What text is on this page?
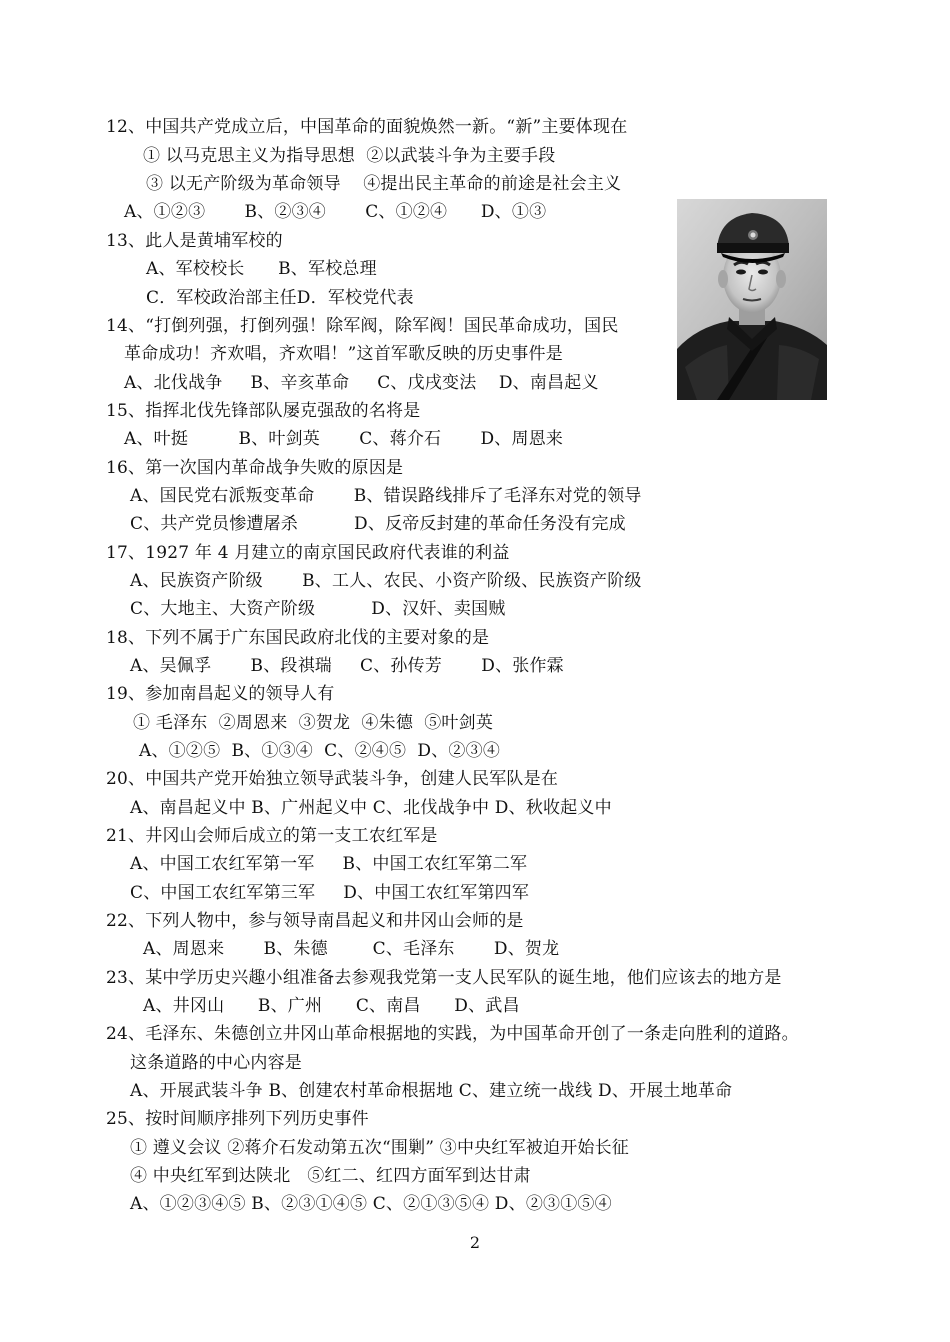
12、中国共产党成立后，中国革命的面貌焕然一新。“新”主要体现在
① 以马克思主义为指导思想  ②以武装斗争为主要手段
③ 以无产阶级为革命领导    ④提出民主革命的前途是社会主义
A、①②③       B、②③④       C、①②④      D、①③
13、此人是黄埔军校的
A、军校校长      B、军校总理
C．军校政治部主任D．军校党代表
14、“打倒列强，打倒列强！除军阀，除军阀！国民革命成功，国民
革命成功！齐欢唱，齐欢唱！”这首军歌反映的历史事件是
A、北伐战争     B、辛亥革命     C、戊戌变法    D、南昌起义
15、指挥北伐先锋部队屡克强敌的名将是
A、叶挺         B、叶剑英       C、蒋介石       D、周恩来
16、第一次国内革命战争失败的原因是
A、国民党右派叛变革命       B、错误路线排斥了毛泽东对党的领导
C、共产党员惨遭屠杀          D、反帝反封建的革命任务没有完成
17、1927 年 4 月建立的南京国民政府代表谁的利益
A、民族资产阶级       B、工人、农民、小资产阶级、民族资产阶级
C、大地主、大资产阶级          D、汉奸、卖国贼
18、下列不属于广东国民政府北伐的主要对象的是
A、吴佩孚       B、段祺瑞     C、孙传芳       D、张作霖
19、参加南昌起义的领导人有
① 毛泽东  ②周恩来  ③贺龙  ④朱德  ⑤叶剑英
A、①②⑤  B、①③④  C、②④⑤  D、②③④
20、中国共产党开始独立领导武装斗争，创建人民军队是在
A、南昌起义中 B、广州起义中 C、北伐战争中 D、秋收起义中
21、井冈山会师后成立的第一支工农红军是
A、中国工农红军第一军     B、中国工农红军第二军
C、中国工农红军第三军     D、中国工农红军第四军
22、下列人物中，参与领导南昌起义和井冈山会师的是
A、周恩来       B、朱德        C、毛泽东       D、贺龙
23、某中学历史兴趣小组准备去参观我党第一支人民军队的诞生地，他们应该去的地方是
A、井冈山      B、广州      C、南昌      D、武昌
24、毛泽东、朱德创立井冈山革命根据地的实践，为中国革命开创了一条走向胜利的道路。
这条道路的中心内容是
A、开展武装斗争 B、创建农村革命根据地 C、建立统一战线 D、开展土地革命
25、按时间顺序排列下列历史事件
① 遵义会议 ②蒋介石发动第五次“围剿” ③中央红军被迫开始长征
④ 中央红军到达陕北   ⑤红二、红四方面军到达甘肃
A、①②③④⑤ B、②③①④⑤ C、②①③⑤④ D、②③①⑤④
2
